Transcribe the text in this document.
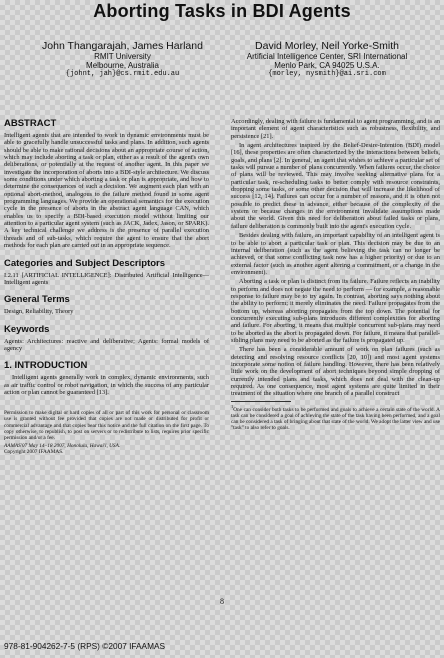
Aborting Tasks in BDI Agents
John Thangarajah, James Harland
RMIT University
Melbourne, Australia
{johnt, jah}@cs.rmit.edu.au
David Morley, Neil Yorke-Smith
Artificial Intelligence Center, SRI International
Menlo Park, CA 94025 U.S.A.
{morley, nysmith}@ai.sri.com
ABSTRACT

Intelligent agents that are intended to work in dynamic environments must be able to gracefully handle unsuccessful tasks and plans. In addition, such agents should be able to make rational decisions about an appropriate course of action, which may include aborting a task or plan, either as a result of the agent's own deliberations, or potentially at the request of another agent. In this paper we investigate the incorporation of aborts into a BDI-style architecture. We discuss some conditions under which aborting a task or plan is appropriate, and how to determine the consequences of such a decision. We augment each plan with an optional abort-method, analogous to the failure method found in some agent programming languages. We provide an operational semantics for the execution cycle in the presence of aborts in the abstract agent language CAN, which enables us to specify a BDI-based execution model without limiting our attention to a particular agent system (such as JACK, Jadex, Jason, or SPARK). A key technical challenge we address is the presence of parallel execution threads and of sub-tasks, which require the agent to ensure that the abort methods for each plan are carried out in an appropriate sequence.

Categories and Subject Descriptors

I.2.11 [ARTIFICIAL INTELLIGENCE]: Distributed Artificial Intelligence—Intelligent agents

General Terms

Design, Reliability, Theory

Keywords

Agents: Architectures: reactive and deliberative; Agents: formal models of agency

1. INTRODUCTION

Intelligent agents generally work in complex, dynamic environments, such as air traffic control or robot navigation, in which the success of any particular action or plan cannot be guaranteed [13].

Permission to make digital or hard copies of all or part of this work for personal or classroom use is granted without fee provided that copies are not made or distributed for profit or commercial advantage and that copies bear this notice and the full citation on the first page. To copy otherwise, to republish, to post on servers or to redistribute to lists, requires prior specific permission and/or a fee.

AAMAS'07 May 14–18 2007, Honolulu, Hawai'i, USA.

Copyright 2007 IFAAMAS.

Accordingly, dealing with failure is fundamental to agent programming, and is an important element of agent characteristics such as robustness, flexibility, and persistence [21].

In agent architectures inspired by the Belief-Desire-Intention (BDI) model [16], these properties are often characterized by the interactions between beliefs, goals, and plans [2]. In general, an agent that wishes to achieve a particular set of tasks will pursue a number of plans concurrently. When failures occur, the choice of plans will be reviewed. This may involve seeking alternative plans for a particular task, re-scheduling tasks to better comply with resource constraints, dropping some tasks, or some other decision that will increase the likelihood of success [12, 14]. Failures can occur for a number of reasons, and it is often not possible to predict these in advance, either because of the complexity of the system or because changes in the environment invalidate assumptions made about the world. Given this need for deliberation about failed tasks or plans, failure deliberation is commonly built into the agent's execution cycle.

Besides dealing with failure, an important capability of an intelligent agent is to be able to abort a particular task or plan. This decision may be due to an internal deliberation (such as the agent believing the task can no longer be achieved, or that some conflicting task now has a higher priority) or due to an external factor (such as another agent altering a commitment, or a change in the environment).

Aborting a task or plan is distinct from its failure. Failure reflects an inability to perform and does not negate the need to perform — for example, a reasonable response to failure may be to try again. In contrast, aborting says nothing about the ability to perform; it merely eliminates the need. Failure propagates from the bottom up, whereas aborting propagates from the top down. The potential for concurrently executing sub-plans introduces different complexities for aborting and failure. For aborting, it means that multiple concurrent sub-plans may need to be aborted as the abort is propagated down. For failure, it means that parallel-sibling plans may need to be aborted as the failure is propagated up.

There has been a considerable amount of work on plan failures (such as detecting and resolving resource conflicts [20, 10]) and most agent systems incorporate some notion of failure handling. However, there has been relatively little work on the development of abort techniques beyond simple dropping of currently intended plans and tasks, which does not deal with the clean-up required. As one consequence, most agent systems are quite limited in their treatment of the situation where one branch of a parallel construct

$^1$One can consider both tasks to be performed and goals to achieve a certain state of the world. A task can be considered a goal of achieving the state of the task having been performed, and a goal can be considered a task of bringing about that state of the world. We adopt the latter view and use "task" to also refer to goals.

8
978-81-904262-7-5 (RPS) ©2007 IFAAMAS
